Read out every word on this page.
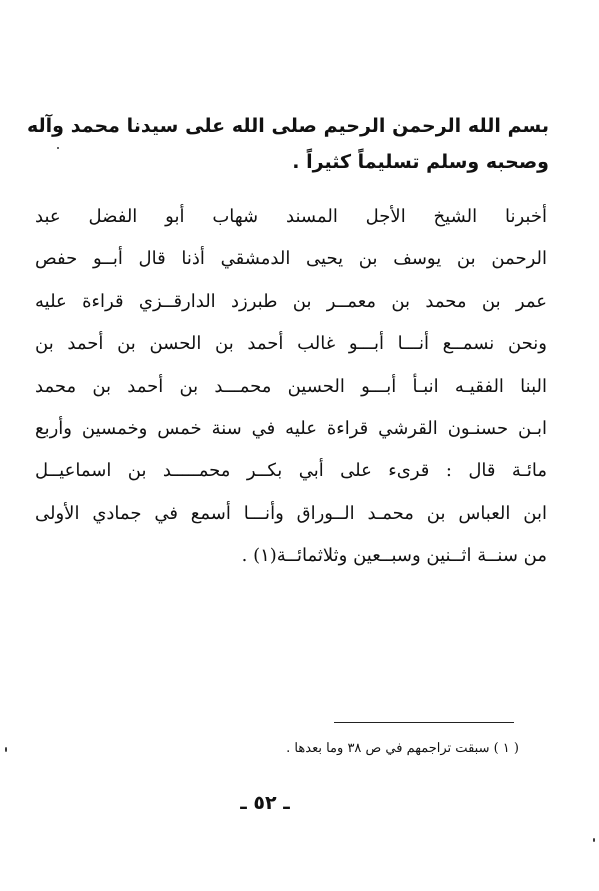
بسم الله الرحمن الرحيم صلى الله على سيدنا محمد وآله وصحبه وسلم تسليماً كثيراً .
أخبرنا الشيخ الأجل المسند شهاب أبو الفضل عبد
الرحمن بن يوسف بن يحيى الدمشقي أذنا قال أبــو حفص
عمر بن محمد بن معمــر بن طبرزد الدارقــزي قراءة عليه
ونحن نسمــع أنـــا أبـــو غالب أحمد بن الحسن بن أحمد بن
البنا الفقيـه انبـأ أبـــو الحسين محمـــد بن أحمد بن محمد
ابـن حسنـون القرشي قراءة عليه في سنة خمس وخمسين وأربع
مائـة قال : قرىء على أبي بكــر محمـــــد بن اسماعيــل
ابن العباس بن محمـد الــوراق وأنـــا أسمع في جمادي الأولى
من سنــة اثــنين وسبــعين وثلاثمائــة(١) .
( ١ ) سبقت تراجمهم في ص ٣٨ وما بعدها .
ـ ٥٢ ـ
